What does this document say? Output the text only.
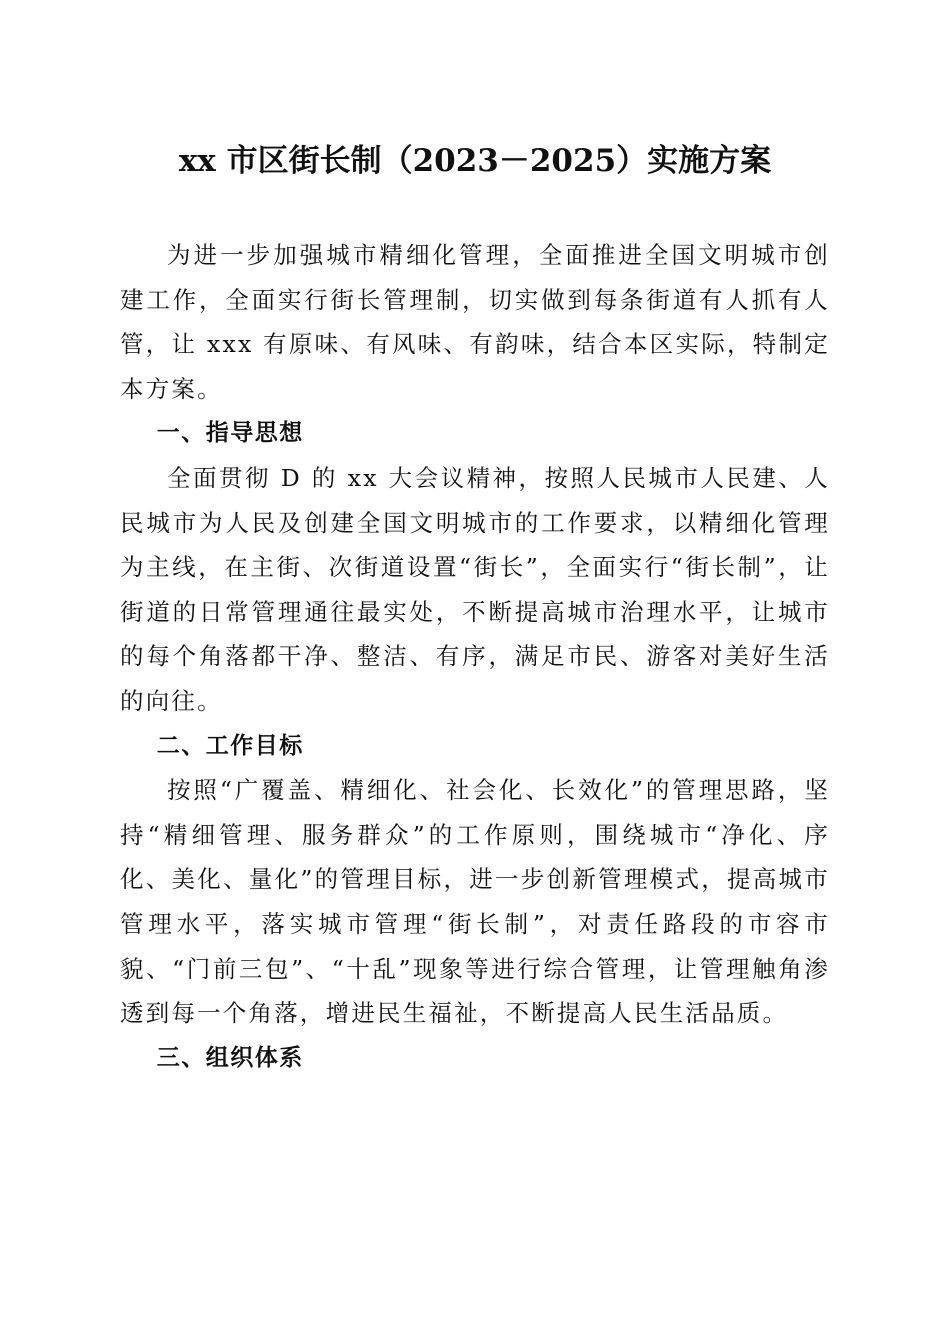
xx 市区街长制（2023－2025）实施方案

为进一步加强城市精细化管理，全面推进全国文明城市创建工作，全面实行街长管理制，切实做到每条街道有人抓有人管，让 xxx 有原味、有风味、有韵味，结合本区实际，特制定本方案。

一、指导思想

全面贯彻 D 的 xx 大会议精神，按照人民城市人民建、人民城市为人民及创建全国文明城市的工作要求，以精细化管理为主线，在主街、次街道设置“街长”，全面实行“街长制”，让街道的日常管理通往最实处，不断提高城市治理水平，让城市的每个角落都干净、整洁、有序，满足市民、游客对美好生活的向往。

二、工作目标

按照“广覆盖、精细化、社会化、长效化”的管理思路，坚持“精细管理、服务群众”的工作原则，围绕城市“净化、序化、美化、量化”的管理目标，进一步创新管理模式，提高城市管理水平，落实城市管理“街长制”，对责任路段的市容市貌、“门前三包”、“十乱”现象等进行综合管理，让管理触角渗透到每一个角落，增进民生福祉，不断提高人民生活品质。

三、组织体系
